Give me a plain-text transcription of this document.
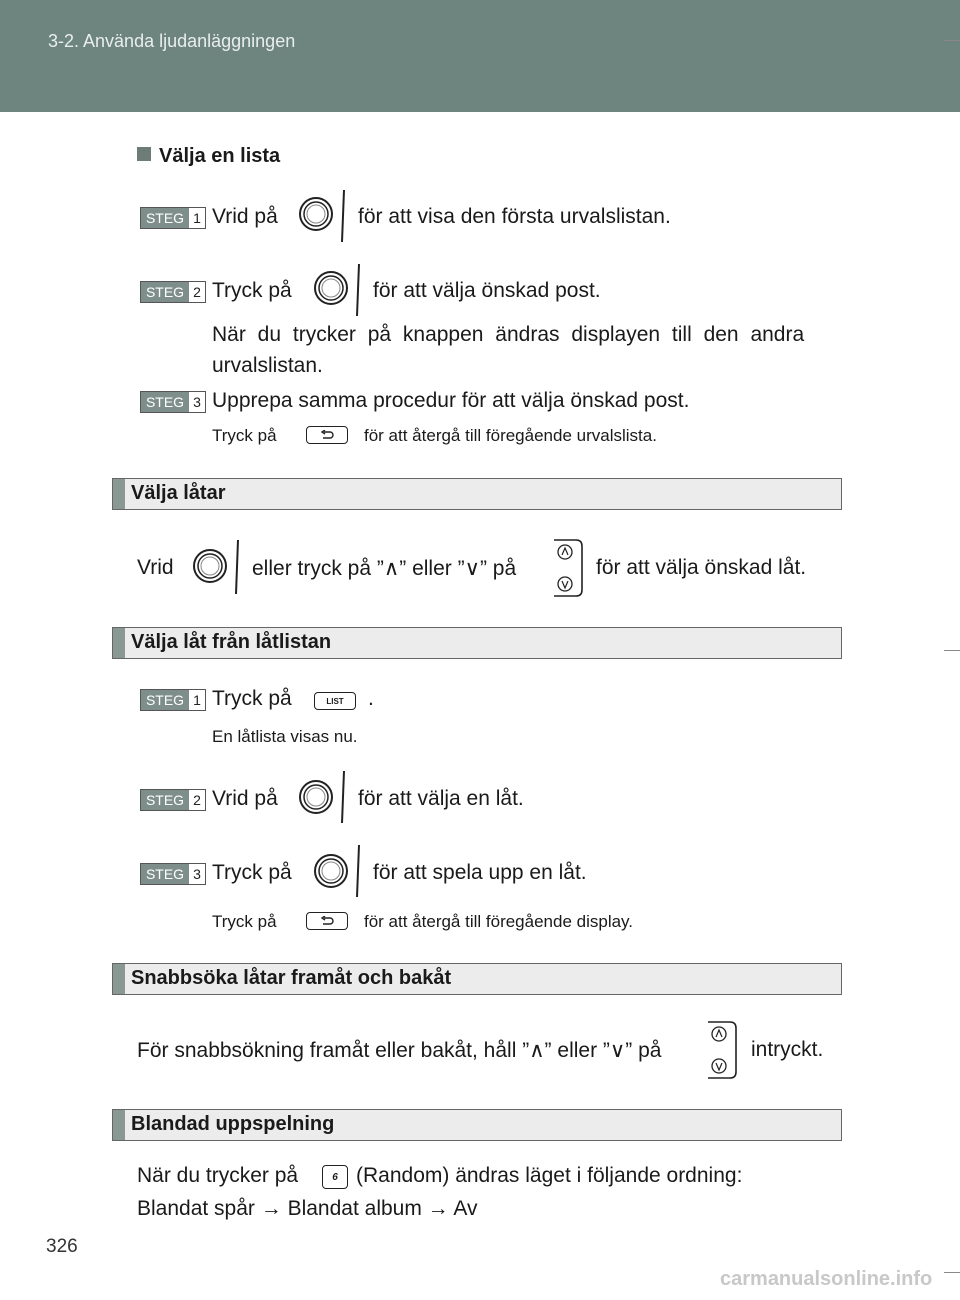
3-2. Använda ljudanläggningen
Välja en lista
STEG 1 Vrid på	för att visa den första urvalslistan.
STEG 2 Tryck på	för att välja önskad post.
När du trycker på knappen ändras displayen till den andra
urvalslistan.
STEG 3 Upprepa samma procedur för att välja önskad post.
Tryck på	för att återgå till föregående urvalslista.
Välja låtar
Vrid	eller tryck på ”∧” eller ”∨” på	för att välja önskad låt.
Välja låt från låtlistan
STEG 1 Tryck på	LIST	.
En låtlista visas nu.
STEG 2 Vrid på	för att välja en låt.
STEG 3 Tryck på	för att spela upp en låt.
Tryck på	för att återgå till föregående display.
Snabbsöka låtar framåt och bakåt
För snabbsökning framåt eller bakåt, håll ”∧” eller ”∨” på	intryckt.
Blandad uppspelning
När du trycker på	6 (Random) ändras läget i följande ordning:
Blandat spår → Blandat album → Av
326
carmanualsonline.info
